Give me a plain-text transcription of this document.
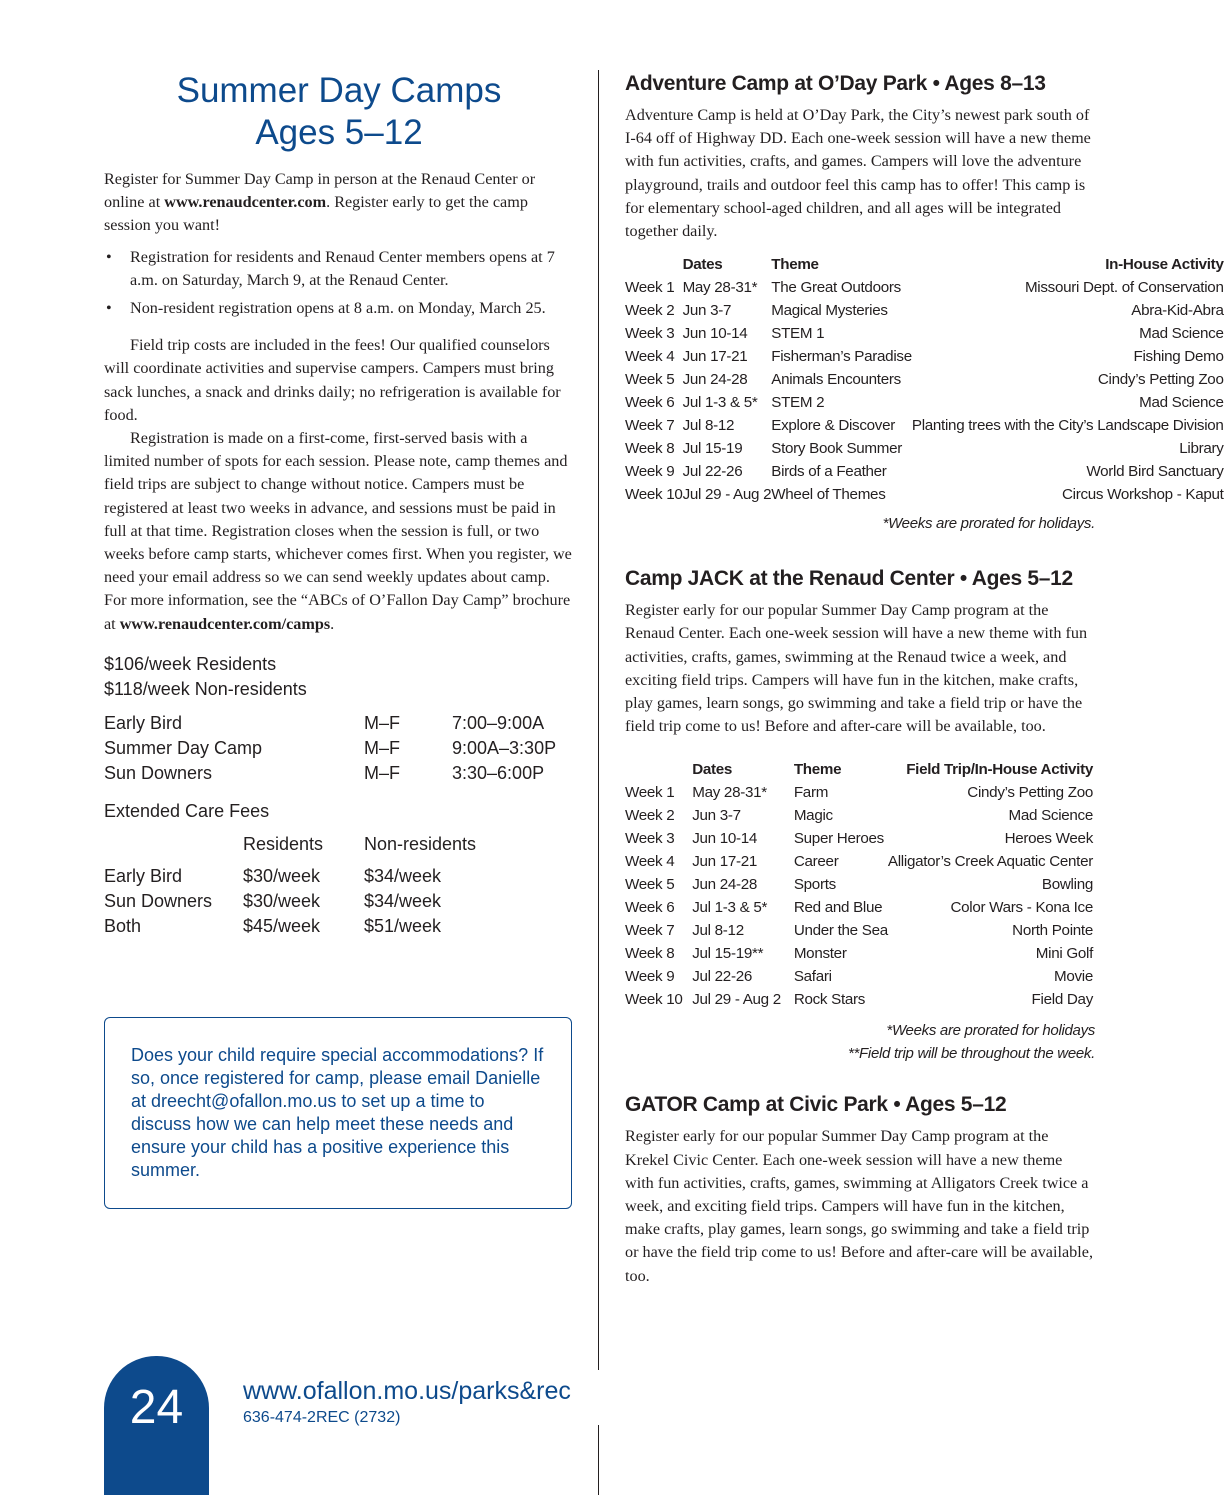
Summer Day Camps
Ages 5–12

Register for Summer Day Camp in person at the Renaud Center or online at www.renaudcenter.com. Register early to get the camp session you want!

• Registration for residents and Renaud Center members opens at 7 a.m. on Saturday, March 9, at the Renaud Center.
• Non-resident registration opens at 8 a.m. on Monday, March 25.

Field trip costs are included in the fees! Our qualified counselors will coordinate activities and supervise campers. Campers must bring sack lunches, a snack and drinks daily; no refrigeration is available for food.

Registration is made on a first-come, first-served basis with a limited number of spots for each session. Please note, camp themes and field trips are subject to change without notice. Campers must be registered at least two weeks in advance, and sessions must be paid in full at that time. Registration closes when the session is full, or two weeks before camp starts, whichever comes first. When you register, we need your email address so we can send weekly updates about camp. For more information, see the “ABCs of O’Fallon Day Camp” brochure at www.renaudcenter.com/camps.

$106/week Residents

$118/week Non-residents

Early Bird	M–F	7:00–9:00A
Summer Day Camp	M–F	9:00A–3:30P
Sun Downers	M–F	3:30–6:00P

Extended Care Fees

	Residents	Non-residents
Early Bird	$30/week	$34/week
Sun Downers	$30/week	$34/week
Both	$45/week	$51/week

Does your child require special accommodations? If so, once registered for camp, please email Danielle at dreecht@ofallon.mo.us to set up a time to discuss how we can help meet these needs and ensure your child has a positive experience this summer.

Adventure Camp at O’Day Park • Ages 8–13

Adventure Camp is held at O’Day Park, the City’s newest park south of I-64 off of Highway DD. Each one-week session will have a new theme with fun activities, crafts, and games. Campers will love the adventure playground, trails and outdoor feel this camp has to offer! This camp is for elementary school-aged children, and all ages will be integrated together daily.

	Dates	Theme	In-House Activity
Week 1	May 28-31*	The Great Outdoors	Missouri Dept. of Conservation
Week 2	Jun 3-7	Magical Mysteries	Abra-Kid-Abra
Week 3	Jun 10-14	STEM 1	Mad Science
Week 4	Jun 17-21	Fisherman’s Paradise	Fishing Demo
Week 5	Jun 24-28	Animals Encounters	Cindy’s Petting Zoo
Week 6	Jul 1-3 & 5*	STEM 2	Mad Science
Week 7	Jul 8-12	Explore & Discover	Planting trees with the City’s Landscape Division
Week 8	Jul 15-19	Story Book Summer	Library
Week 9	Jul 22-26	Birds of a Feather	World Bird Sanctuary
Week 10	Jul 29 - Aug 2	Wheel of Themes	Circus Workshop - Kaput

*Weeks are prorated for holidays.

Camp JACK at the Renaud Center • Ages 5–12

Register early for our popular Summer Day Camp program at the Renaud Center. Each one-week session will have a new theme with fun activities, crafts, games, swimming at the Renaud twice a week, and exciting field trips. Campers will have fun in the kitchen, make crafts, play games, learn songs, go swimming and take a field trip or have the field trip come to us! Before and after-care will be available, too.

	Dates	Theme	Field Trip/In-House Activity
Week 1	May 28-31*	Farm	Cindy’s Petting Zoo
Week 2	Jun 3-7	Magic	Mad Science
Week 3	Jun 10-14	Super Heroes	Heroes Week
Week 4	Jun 17-21	Career	Alligator’s Creek Aquatic Center
Week 5	Jun 24-28	Sports	Bowling
Week 6	Jul 1-3 & 5*	Red and Blue	Color Wars - Kona Ice
Week 7	Jul 8-12	Under the Sea	North Pointe
Week 8	Jul 15-19**	Monster	Mini Golf
Week 9	Jul 22-26	Safari	Movie
Week 10	Jul 29 - Aug 2	Rock Stars	Field Day

*Weeks are prorated for holidays

**Field trip will be throughout the week.

GATOR Camp at Civic Park • Ages 5–12

Register early for our popular Summer Day Camp program at the Krekel Civic Center. Each one-week session will have a new theme with fun activities, crafts, games, swimming at Alligators Creek twice a week, and exciting field trips. Campers will have fun in the kitchen, make crafts, play games, learn songs, go swimming and take a field trip or have the field trip come to us! Before and after-care will be available, too.

24	www.ofallon.mo.us/parks&rec
636-474-2REC (2732)
